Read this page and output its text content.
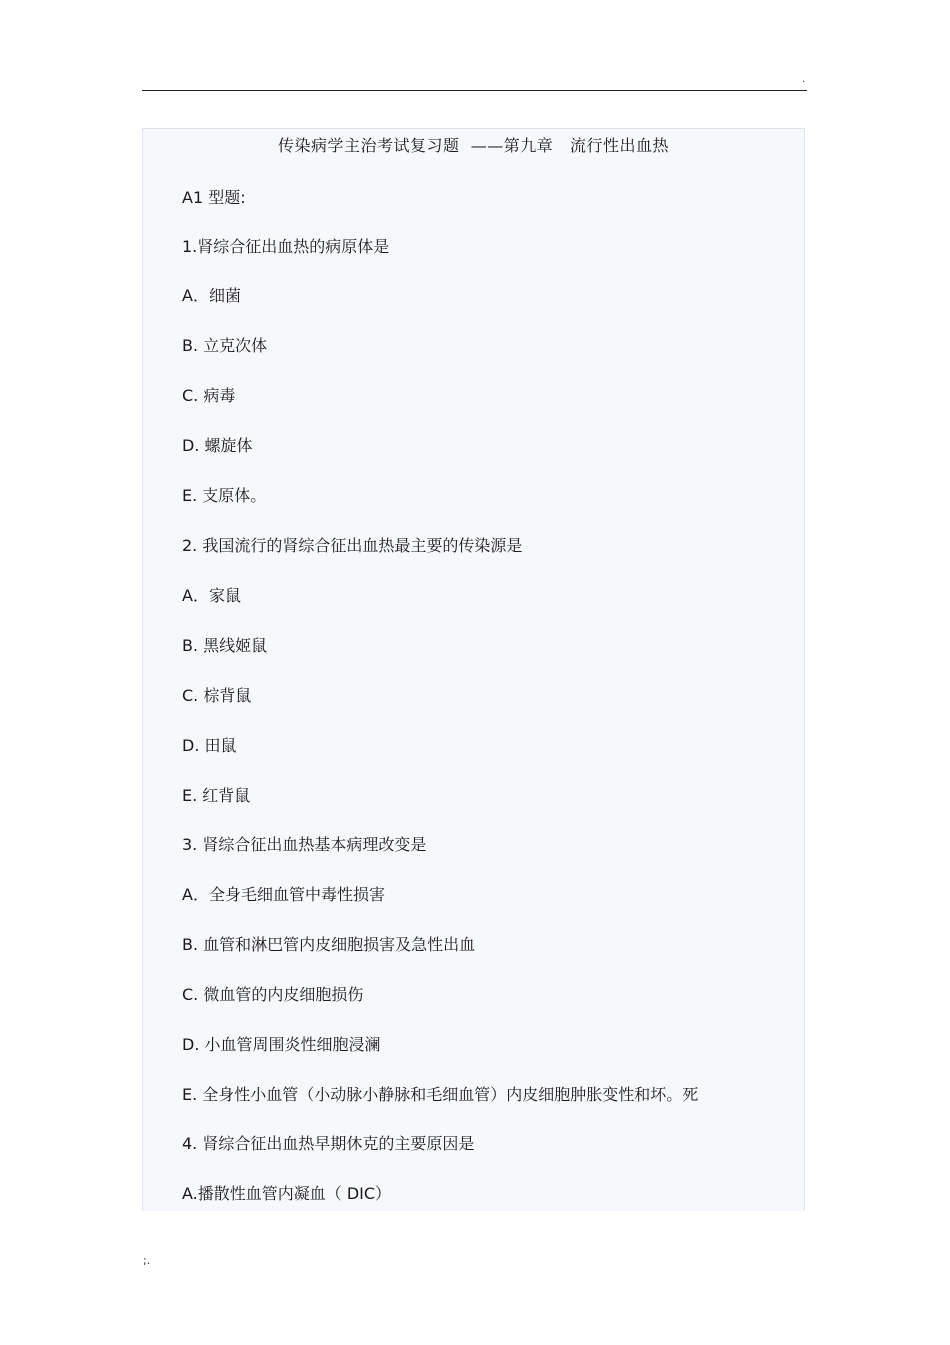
.
传染病学主治考试复习题  ——第九章   流行性出血热
A1 型题:
1.肾综合征出血热的病原体是
A．细菌
B. 立克次体
C. 病毒
D. 螺旋体
E. 支原体。
2. 我国流行的肾综合征出血热最主要的传染源是
A．家鼠
B. 黑线姬鼠
C. 棕背鼠
D. 田鼠
E. 红背鼠
3. 肾综合征出血热基本病理改变是
A．全身毛细血管中毒性损害
B. 血管和淋巴管内皮细胞损害及急性出血
C. 微血管的内皮细胞损伤
D. 小血管周围炎性细胞浸澜
E. 全身性小血管（小动脉小静脉和毛细血管）内皮细胞肿胀变性和坏。死
4. 肾综合征出血热早期休克的主要原因是
A.播散性血管内凝血（ DIC）
;.
